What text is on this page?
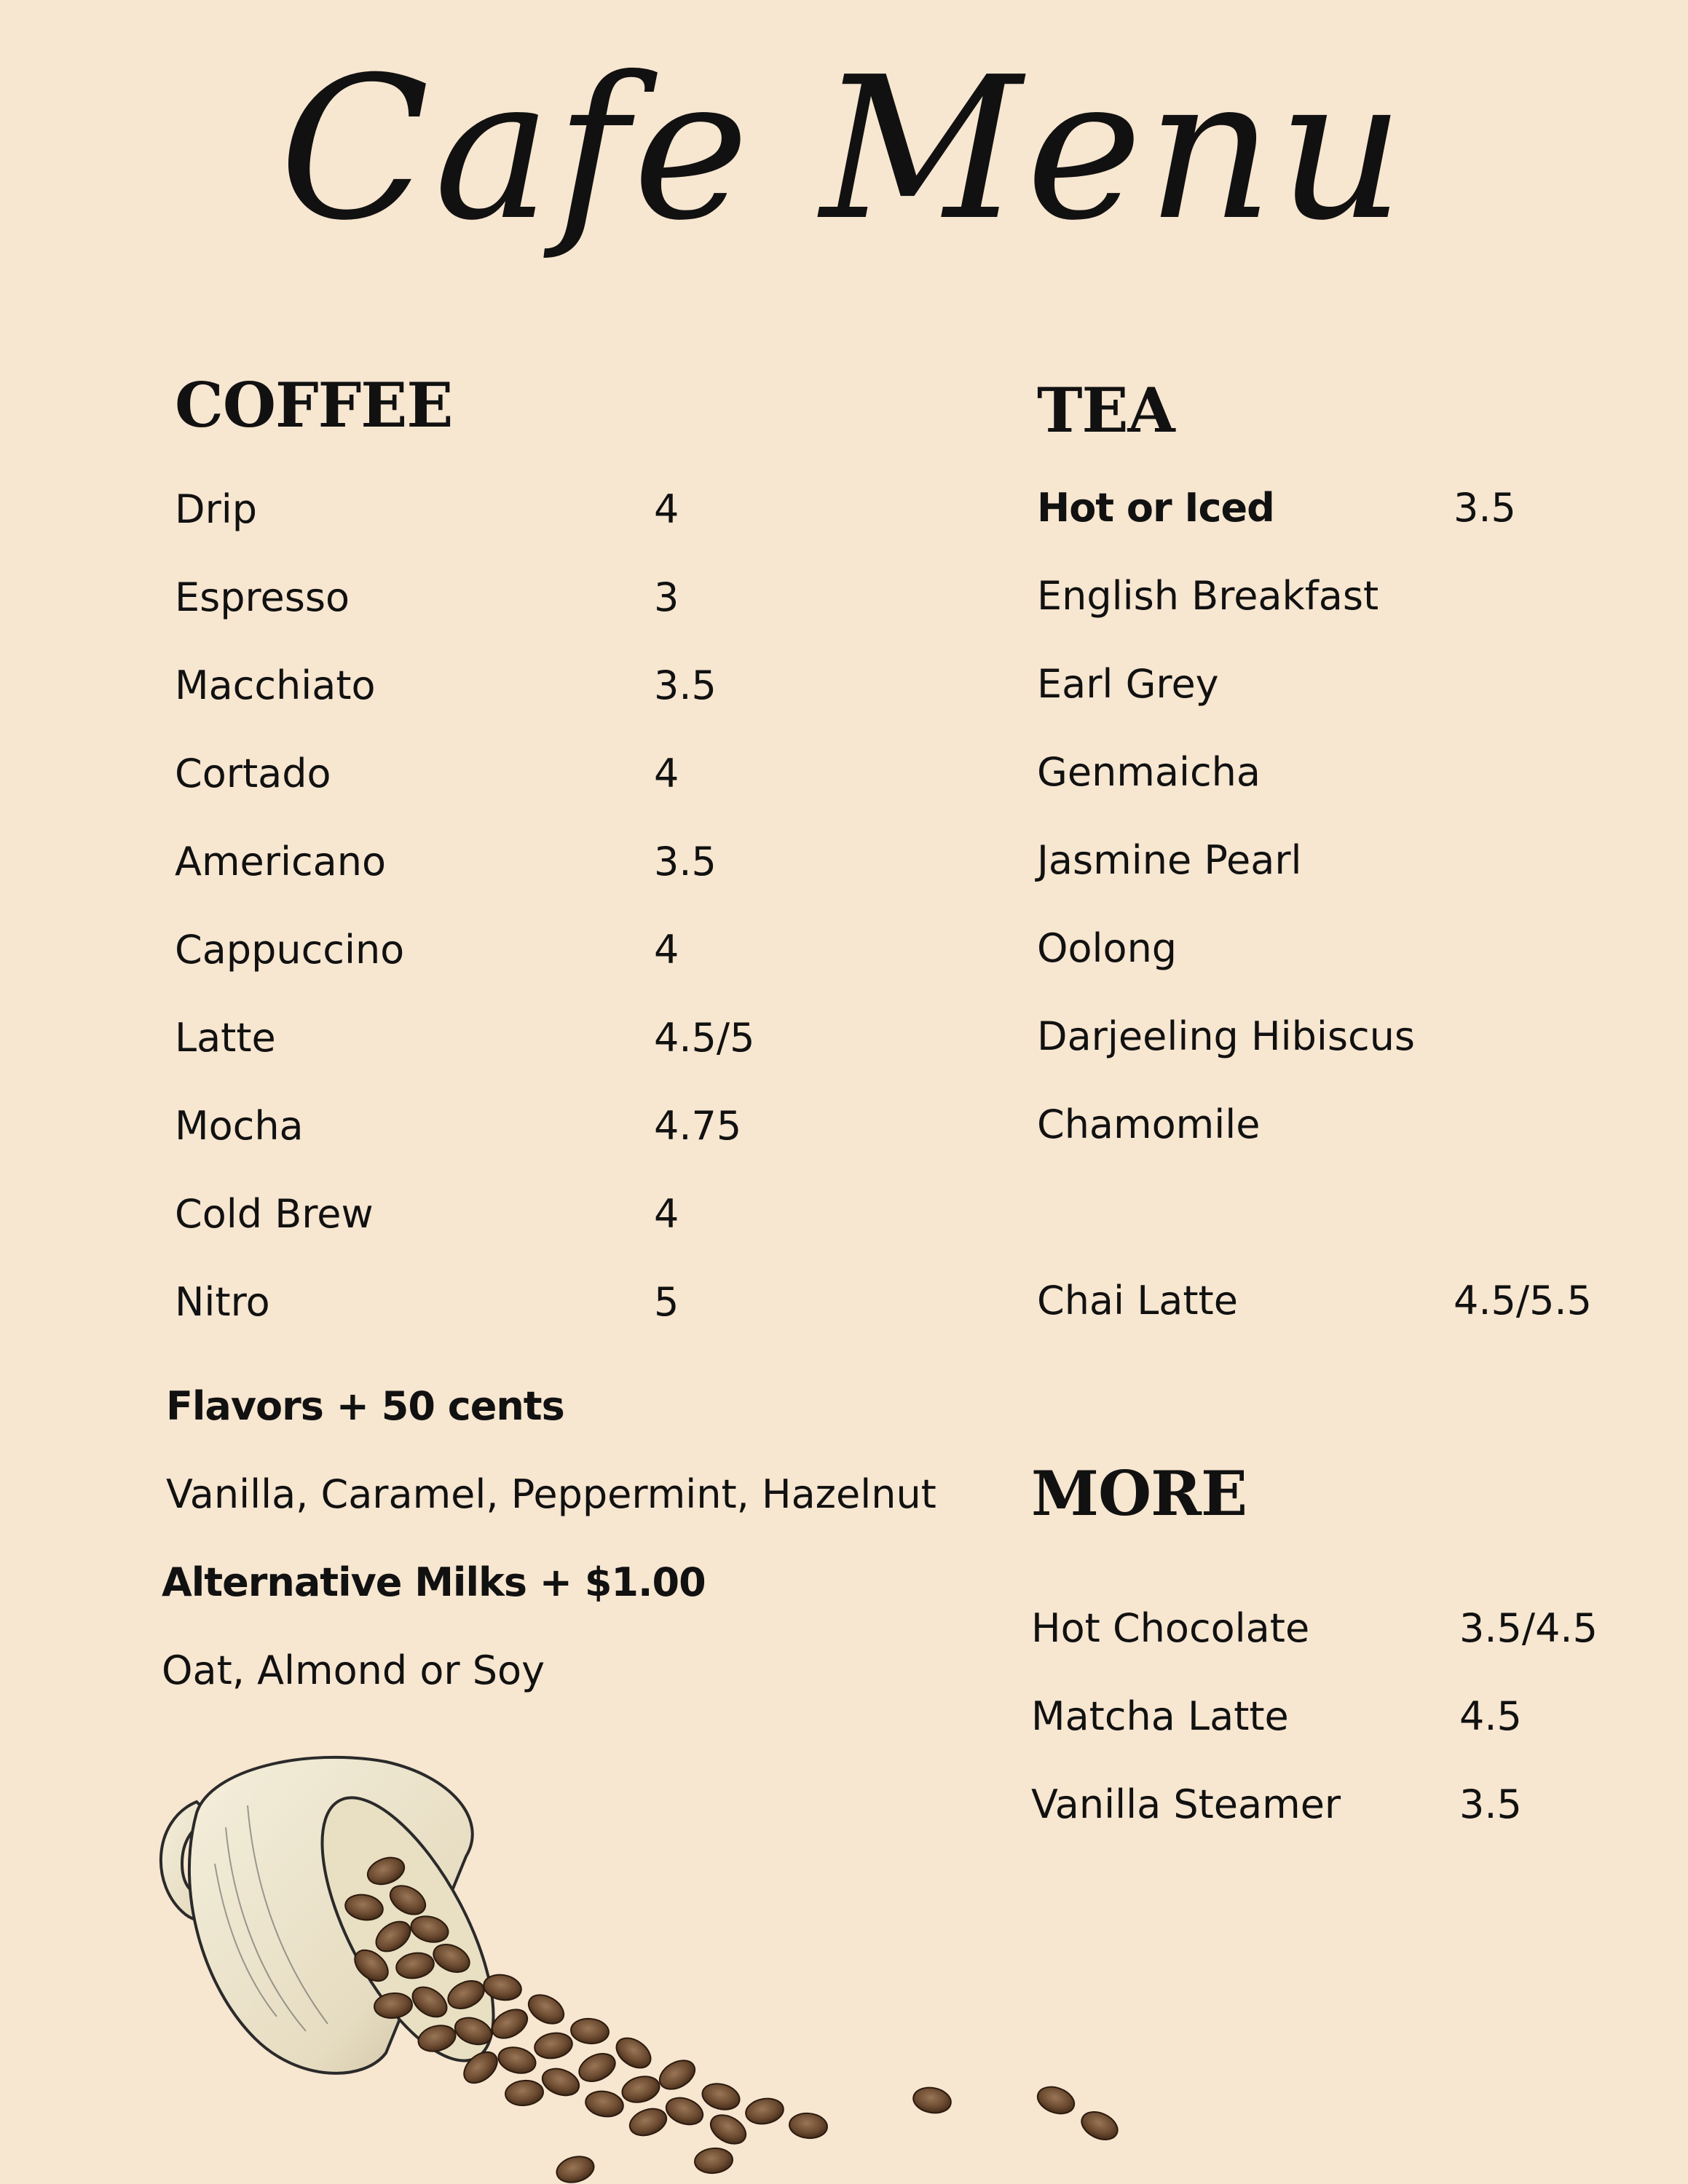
Cafe Menu
COFFEE
Drip	4
Espresso	3
Macchiato	3.5
Cortado	4
Americano	3.5
Cappuccino	4
Latte	4.5/5
Mocha	4.75
Cold Brew	4
Nitro	5
Flavors + 50 cents
Vanilla, Caramel, Peppermint, Hazelnut
Alternative Milks + $1.00
Oat, Almond or Soy
TEA
Hot or Iced	3.5
English Breakfast
Earl Grey
Genmaicha
Jasmine Pearl
Oolong
Darjeeling Hibiscus
Chamomile
Chai Latte	4.5/5.5
MORE
Hot Chocolate	3.5/4.5
Matcha Latte	4.5
Vanilla Steamer	3.5
